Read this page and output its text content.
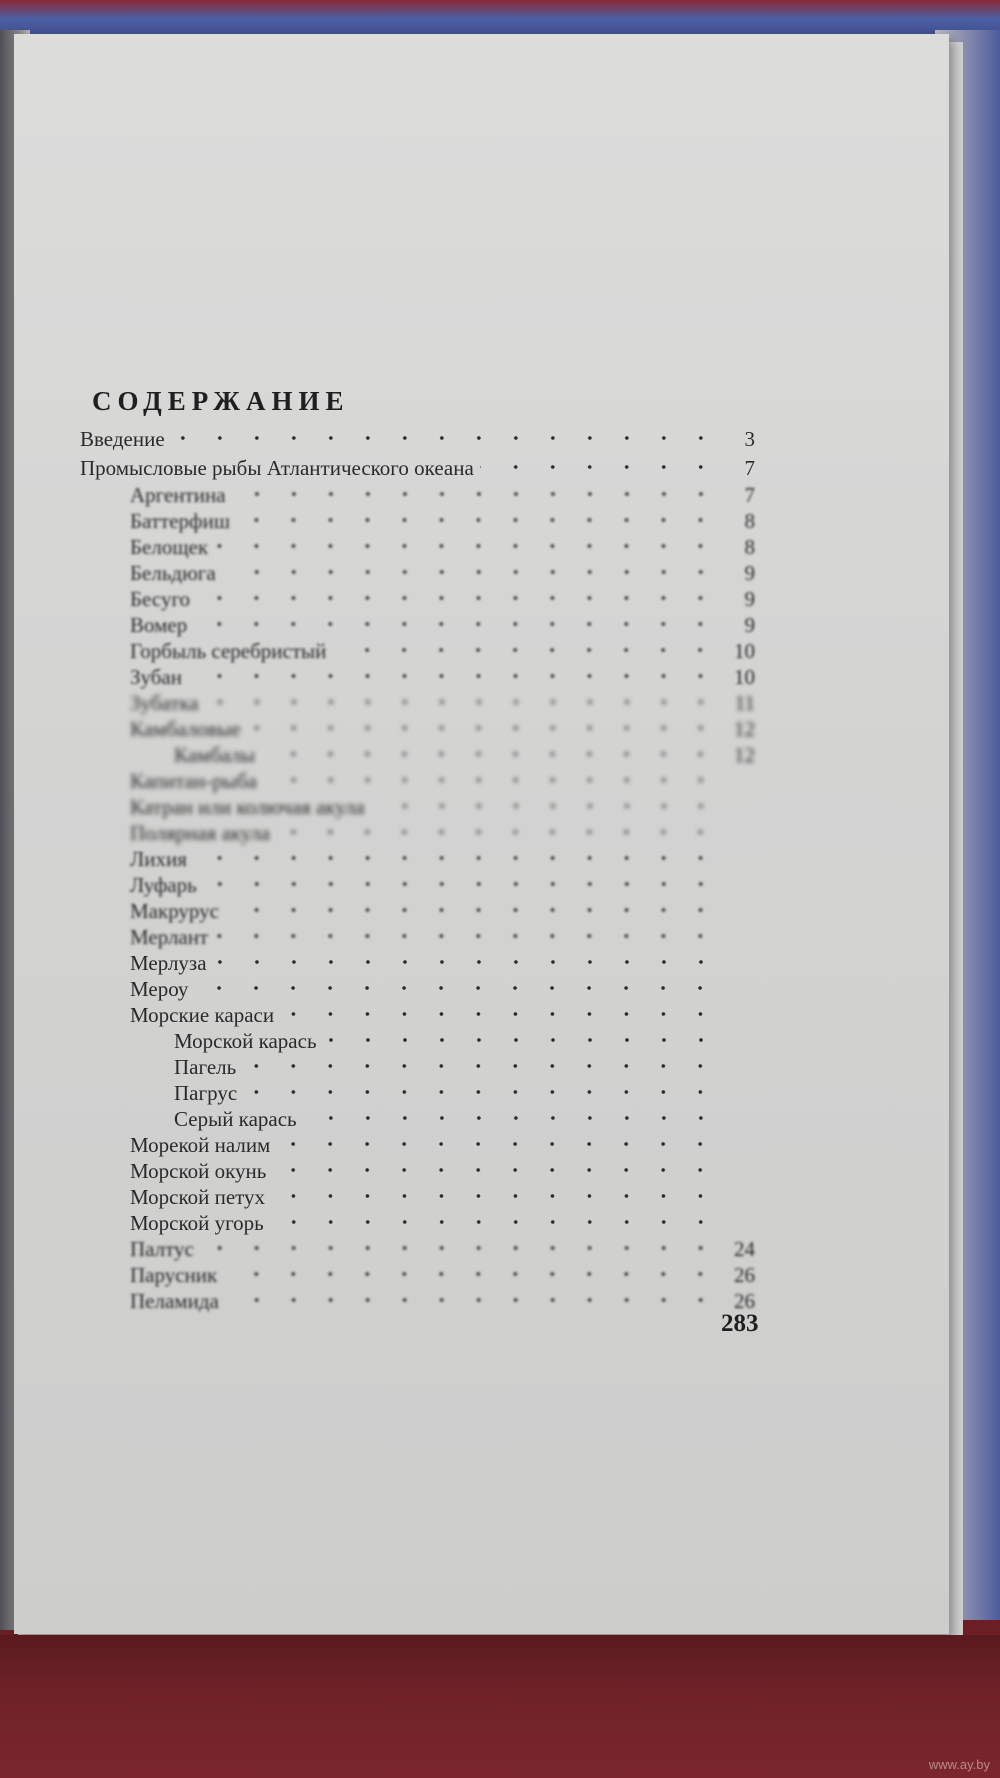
СОДЕРЖАНИЕ
Введение	3
Промысловые рыбы Атлантического океана	7
Аргентина	7
Баттерфиш	8
Белощек	8
Бельдюга	9
Бесуго	9
Вомер	9
Горбыль серебристый	10
Зубан	10
Зубатка	11
Камбаловые	12
Камбалы	12
Капитан-рыба
Катран или колючая акула
Полярная акула
Лихия
Луфарь
Макрурус
Мерлант
Мерлуза
Мероу
Морские караси
Морской карась
Пагель
Пагрус
Серый карась
Морекой налим
Морской окунь
Морской петух
Морской угорь
Палтус	24
Парусник	26
Пеламида	26

283

www.ay.by
